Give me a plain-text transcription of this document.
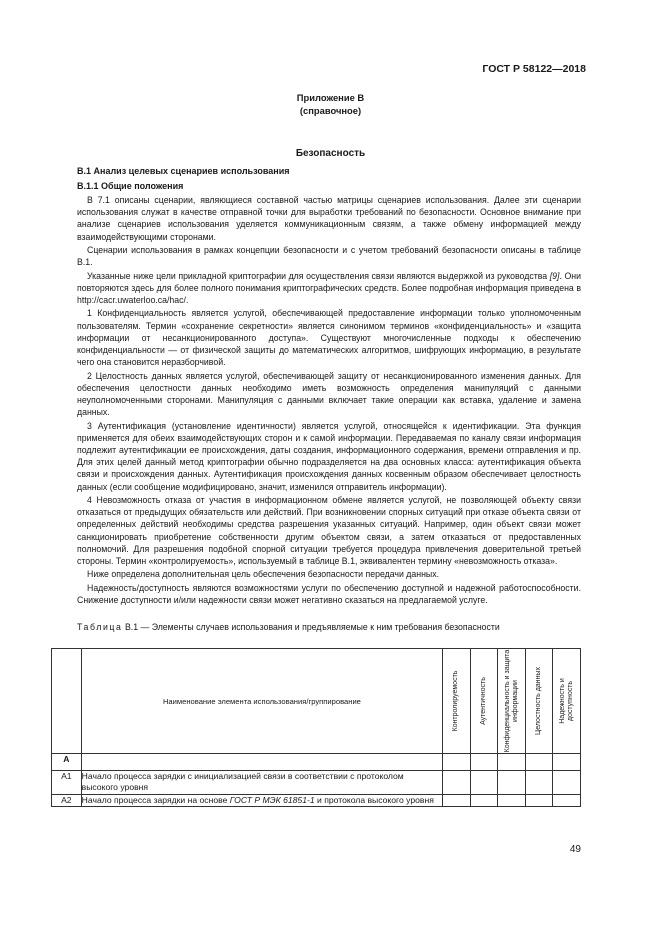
ГОСТ Р 58122—2018
Приложение В
(справочное)
Безопасность
В.1 Анализ целевых сценариев использования
В.1.1 Общие положения

В 7.1 описаны сценарии, являющиеся составной частью матрицы сценариев использования. Далее эти сценарии использования служат в качестве отправной точки для выработки требований по безопасности. Основное внимание при анализе сценариев использования уделяется коммуникационным связям, а также обмену информацией между взаимодействующими сторонами.

Сценарии использования в рамках концепции безопасности и с учетом требований безопасности описаны в таблице В.1.

Указанные ниже цели прикладной криптографии для осуществления связи являются выдержкой из руководства [9]. Они повторяются здесь для более полного понимания криптографических средств. Более подробная информация приведена в http://cacr.uwaterloo.ca/hac/.

1 Конфиденциальность является услугой, обеспечивающей предоставление информации только уполномоченным пользователям. Термин «сохранение секретности» является синонимом терминов «конфиденциальность» и «защита информации от несанкционированного доступа». Существуют многочисленные подходы к обеспечению конфиденциальности — от физической защиты до математических алгоритмов, шифрующих информацию, в результате чего она становится неразборчивой.

2 Целостность данных является услугой, обеспечивающей защиту от несанкционированного изменения данных. Для обеспечения целостности данных необходимо иметь возможность определения манипуляций с данными неуполномоченными сторонами. Манипуляция с данными включает такие операции как вставка, удаление и замена данных.

3 Аутентификация (установление идентичности) является услугой, относящейся к идентификации. Эта функция применяется для обеих взаимодействующих сторон и к самой информации. Передаваемая по каналу связи информация подлежит аутентификации ее происхождения, даты создания, информационного содержания, времени отправления и пр. Для этих целей данный метод криптографии обычно подразделяется на два основных класса: аутентификация объекта связи и происхождения данных. Аутентификация происхождения данных косвенным образом обеспечивает целостность данных (если сообщение модифицировано, значит, изменился отправитель информации).

4 Невозможность отказа от участия в информационном обмене является услугой, не позволяющей объекту связи отказаться от предыдущих обязательств или действий. При возникновении спорных ситуаций при отказе объекта связи от определенных действий необходимы средства разрешения указанных ситуаций. Например, один объект связи может санкционировать приобретение собственности другим объектом связи, а затем отказаться от предоставленных полномочий. Для разрешения подобной спорной ситуации требуется процедура привлечения доверительной третьей стороны. Термин «контролируемость», используемый в таблице В.1, эквивалентен термину «невозможность отказа».

Ниже определена дополнительная цель обеспечения безопасности передачи данных.

Надежность/доступность являются возможностями услуги по обеспечению доступной и надежной работоспособности. Снижение доступности и/или надежности связи может негативно сказаться на предлагаемой услуге.

Таблица В.1 — Элементы случаев использования и предъявляемые к ним требования безопасности
	Наименование элемента использования/группирование	Контролируемость	Аутентичность	Конфиденциальность и защита информации	Целостность данных	Надежность и доступность

А						
А1	Начало процесса зарядки с инициализацией связи в соответствии с протоколом высокого уровня					
А2	Начало процесса зарядки на основе ГОСТ Р МЭК 61851-1 и протокола высокого уровня					
49
